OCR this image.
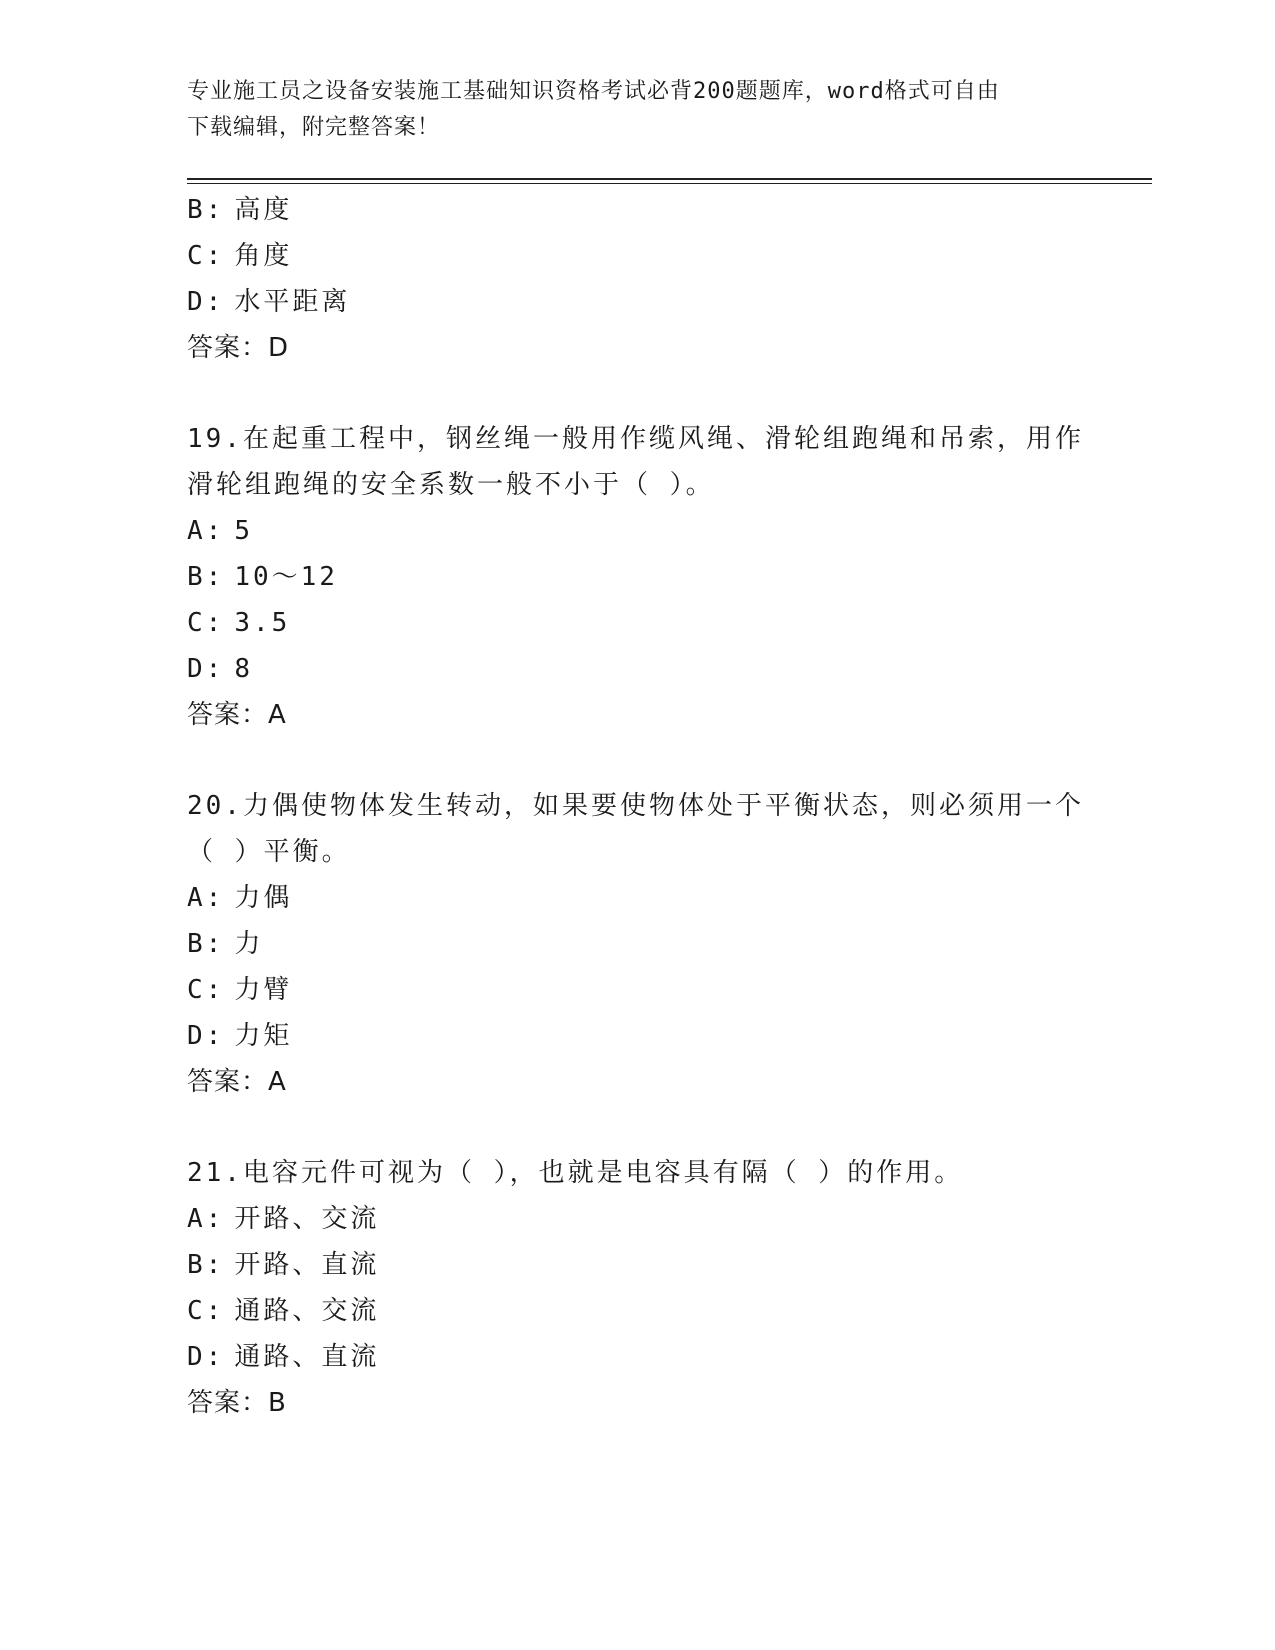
专业施工员之设备安装施工基础知识资格考试必背200题题库，word格式可自由
下载编辑，附完整答案！
B: 高度
C: 角度
D: 水平距离
答案：D
19.在起重工程中，钢丝绳一般用作缆风绳、滑轮组跑绳和吊索，用作
滑轮组跑绳的安全系数一般不小于（ ）。
A: 5
B: 10～12
C: 3.5
D: 8
答案：A
20.力偶使物体发生转动，如果要使物体处于平衡状态，则必须用一个
（ ）平衡。
A: 力偶
B: 力
C: 力臂
D: 力矩
答案：A
21.电容元件可视为（ ），也就是电容具有隔（ ）的作用。
A: 开路、交流
B: 开路、直流
C: 通路、交流
D: 通路、直流
答案：B
